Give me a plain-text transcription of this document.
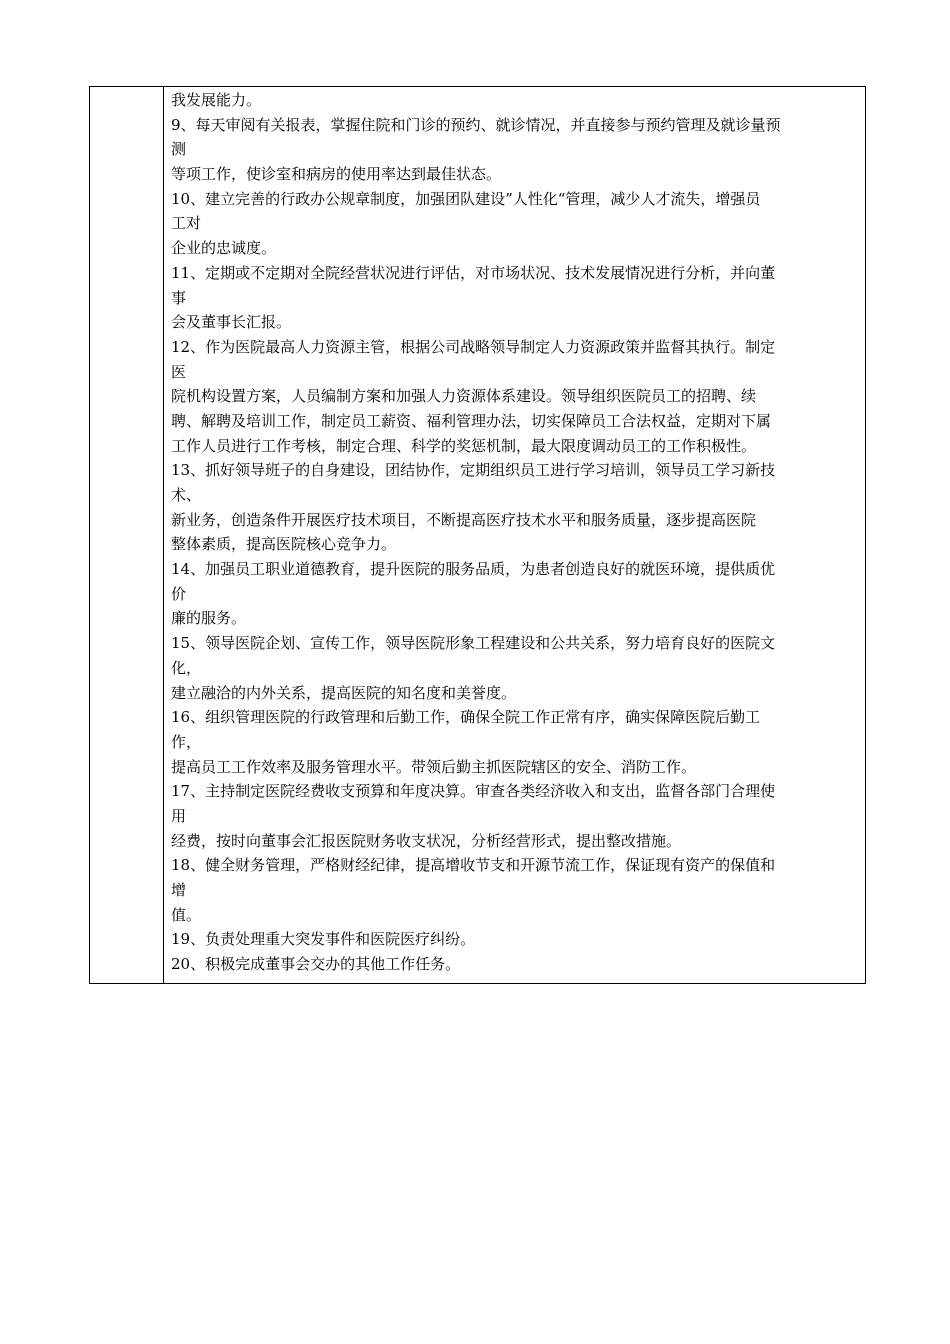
我发展能力。
9、每天审阅有关报表，掌握住院和门诊的预约、就诊情况，并直接参与预约管理及就诊量预
测
等项工作，使诊室和病房的使用率达到最佳状态。
10、建立完善的行政办公规章制度，加强团队建设”人性化“管理，减少人才流失，增强员
工对
企业的忠诚度。
11、定期或不定期对全院经营状况进行评估，对市场状况、技术发展情况进行分析，并向董
事
会及董事长汇报。
12、作为医院最高人力资源主管，根据公司战略领导制定人力资源政策并监督其执行。制定
医
院机构设置方案，人员编制方案和加强人力资源体系建设。领导组织医院员工的招聘、续
聘、解聘及培训工作，制定员工薪资、福利管理办法，切实保障员工合法权益，定期对下属
工作人员进行工作考核，制定合理、科学的奖惩机制，最大限度调动员工的工作积极性。
13、抓好领导班子的自身建设，团结协作，定期组织员工进行学习培训，领导员工学习新技
术、
新业务，创造条件开展医疗技术项目，不断提高医疗技术水平和服务质量，逐步提高医院
整体素质，提高医院核心竞争力。
14、加强员工职业道德教育，提升医院的服务品质，为患者创造良好的就医环境，提供质优
价
廉的服务。
15、领导医院企划、宣传工作，领导医院形象工程建设和公共关系，努力培育良好的医院文
化，
建立融洽的内外关系，提高医院的知名度和美誉度。
16、组织管理医院的行政管理和后勤工作，确保全院工作正常有序，确实保障医院后勤工
作，
提高员工工作效率及服务管理水平。带领后勤主抓医院辖区的安全、消防工作。
17、主持制定医院经费收支预算和年度决算。审查各类经济收入和支出，监督各部门合理使
用
经费，按时向董事会汇报医院财务收支状况，分析经营形式，提出整改措施。
18、健全财务管理，严格财经纪律，提高增收节支和开源节流工作，保证现有资产的保值和
增
值。
19、负责处理重大突发事件和医院医疗纠纷。
20、积极完成董事会交办的其他工作任务。
